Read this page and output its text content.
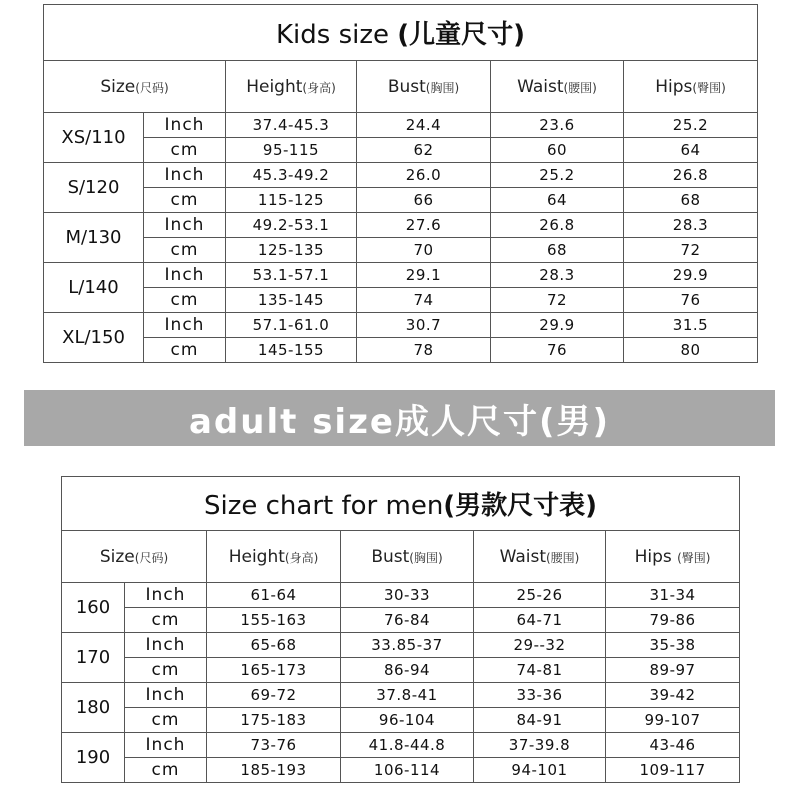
Kids size (儿童尺寸)					
Size(尺码)		Height(身高)	Bust(胸围)	Waist(腰围)	Hips(臀围)
XS/110	Inch	37.4-45.3	24.4	23.6	25.2
	cm	95-115	62	60	64
S/120	Inch	45.3-49.2	26.0	25.2	26.8
	cm	115-125	66	64	68
M/130	Inch	49.2-53.1	27.6	26.8	28.3
	cm	125-135	70	68	72
L/140	Inch	53.1-57.1	29.1	28.3	29.9
	cm	135-145	74	72	76
XL/150	Inch	57.1-61.0	30.7	29.9	31.5
	cm	145-155	78	76	80
adult size成人尺寸(男)
Size chart for men(男款尺寸表)					
Size(尺码)		Height(身高)	Bust(胸围)	Waist(腰围)	Hips (臀围)
160	Inch	61-64	30-33	25-26	31-34
	cm	155-163	76-84	64-71	79-86
170	Inch	65-68	33.85-37	29--32	35-38
	cm	165-173	86-94	74-81	89-97
180	Inch	69-72	37.8-41	33-36	39-42
	cm	175-183	96-104	84-91	99-107
190	Inch	73-76	41.8-44.8	37-39.8	43-46
	cm	185-193	106-114	94-101	109-117
